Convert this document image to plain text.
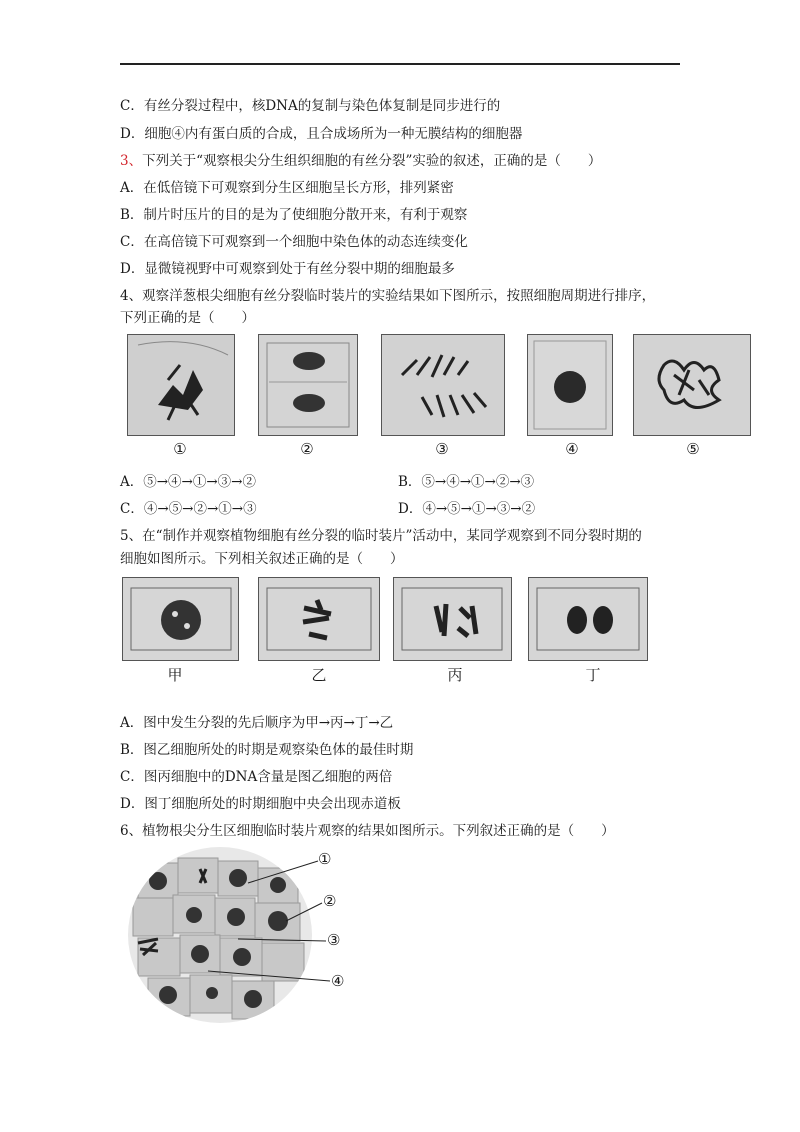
C．有丝分裂过程中，核DNA的复制与染色体复制是同步进行的
D．细胞④内有蛋白质的合成，且合成场所为一种无膜结构的细胞器
3、下列关于“观察根尖分生组织细胞的有丝分裂”实验的叙述，正确的是（　　）
A．在低倍镜下可观察到分生区细胞呈长方形，排列紧密
B．制片时压片的目的是为了使细胞分散开来，有利于观察
C．在高倍镜下可观察到一个细胞中染色体的动态连续变化
D．显微镜视野中可观察到处于有丝分裂中期的细胞最多
4、观察洋葱根尖细胞有丝分裂临时装片的实验结果如下图所示，按照细胞周期进行排序，
下列正确的是（　　）
①	②	③	④	⑤
A．⑤→④→①→③→②	B．⑤→④→①→②→③
C．④→⑤→②→①→③	D．④→⑤→①→③→②
5、在“制作并观察植物细胞有丝分裂的临时装片”活动中，某同学观察到不同分裂时期的
细胞如图所示。下列相关叙述正确的是（　　）
甲	乙	丙	丁
A．图中发生分裂的先后顺序为甲→丙→丁→乙
B．图乙细胞所处的时期是观察染色体的最佳时期
C．图丙细胞中的DNA含量是图乙细胞的两倍
D．图丁细胞所处的时期细胞中央会出现赤道板
6、植物根尖分生区细胞临时装片观察的结果如图所示。下列叙述正确的是（　　）
①
②
③
④
